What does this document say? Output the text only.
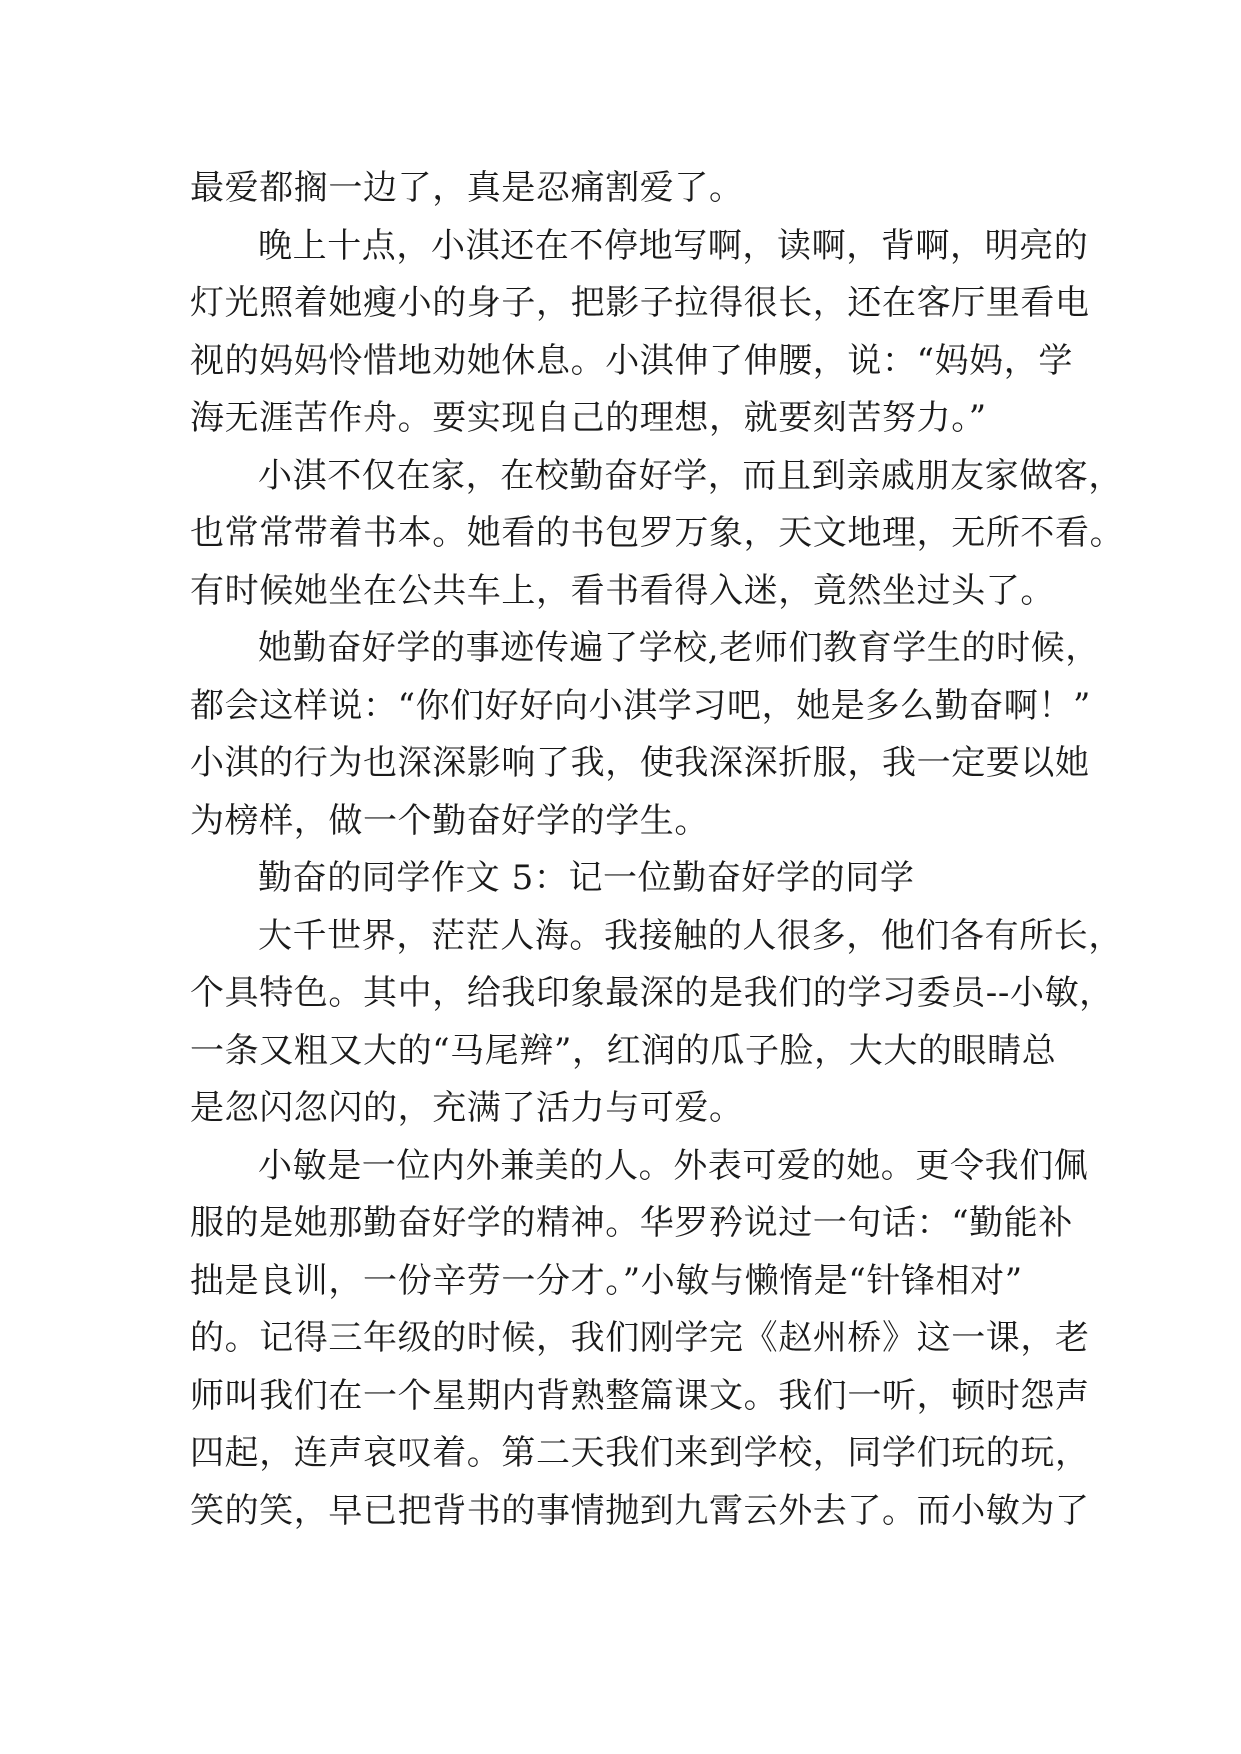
最爱都搁一边了，真是忍痛割爱了。
晚上十点，小淇还在不停地写啊，读啊，背啊，明亮的
灯光照着她瘦小的身子，把影子拉得很长，还在客厅里看电
视的妈妈怜惜地劝她休息。小淇伸了伸腰，说：“妈妈，学
海无涯苦作舟。要实现自己的理想，就要刻苦努力。”
小淇不仅在家，在校勤奋好学，而且到亲戚朋友家做客，
也常常带着书本。她看的书包罗万象，天文地理，无所不看。
有时候她坐在公共车上，看书看得入迷，竟然坐过头了。
她勤奋好学的事迹传遍了学校,老师们教育学生的时候，
都会这样说：“你们好好向小淇学习吧，她是多么勤奋啊！”
小淇的行为也深深影响了我，使我深深折服，我一定要以她
为榜样，做一个勤奋好学的学生。
勤奋的同学作文 5：记一位勤奋好学的同学
大千世界，茫茫人海。我接触的人很多，他们各有所长，
个具特色。其中，给我印象最深的是我们的学习委员--小敏，
一条又粗又大的“马尾辫”，红润的瓜子脸，大大的眼睛总
是忽闪忽闪的，充满了活力与可爱。
小敏是一位内外兼美的人。外表可爱的她。更令我们佩
服的是她那勤奋好学的精神。华罗矜说过一句话：“勤能补
拙是良训，一份辛劳一分才。”小敏与懒惰是“针锋相对”
的。记得三年级的时候，我们刚学完《赵州桥》这一课，老
师叫我们在一个星期内背熟整篇课文。我们一听，顿时怨声
四起，连声哀叹着。第二天我们来到学校，同学们玩的玩，
笑的笑，早已把背书的事情抛到九霄云外去了。而小敏为了
